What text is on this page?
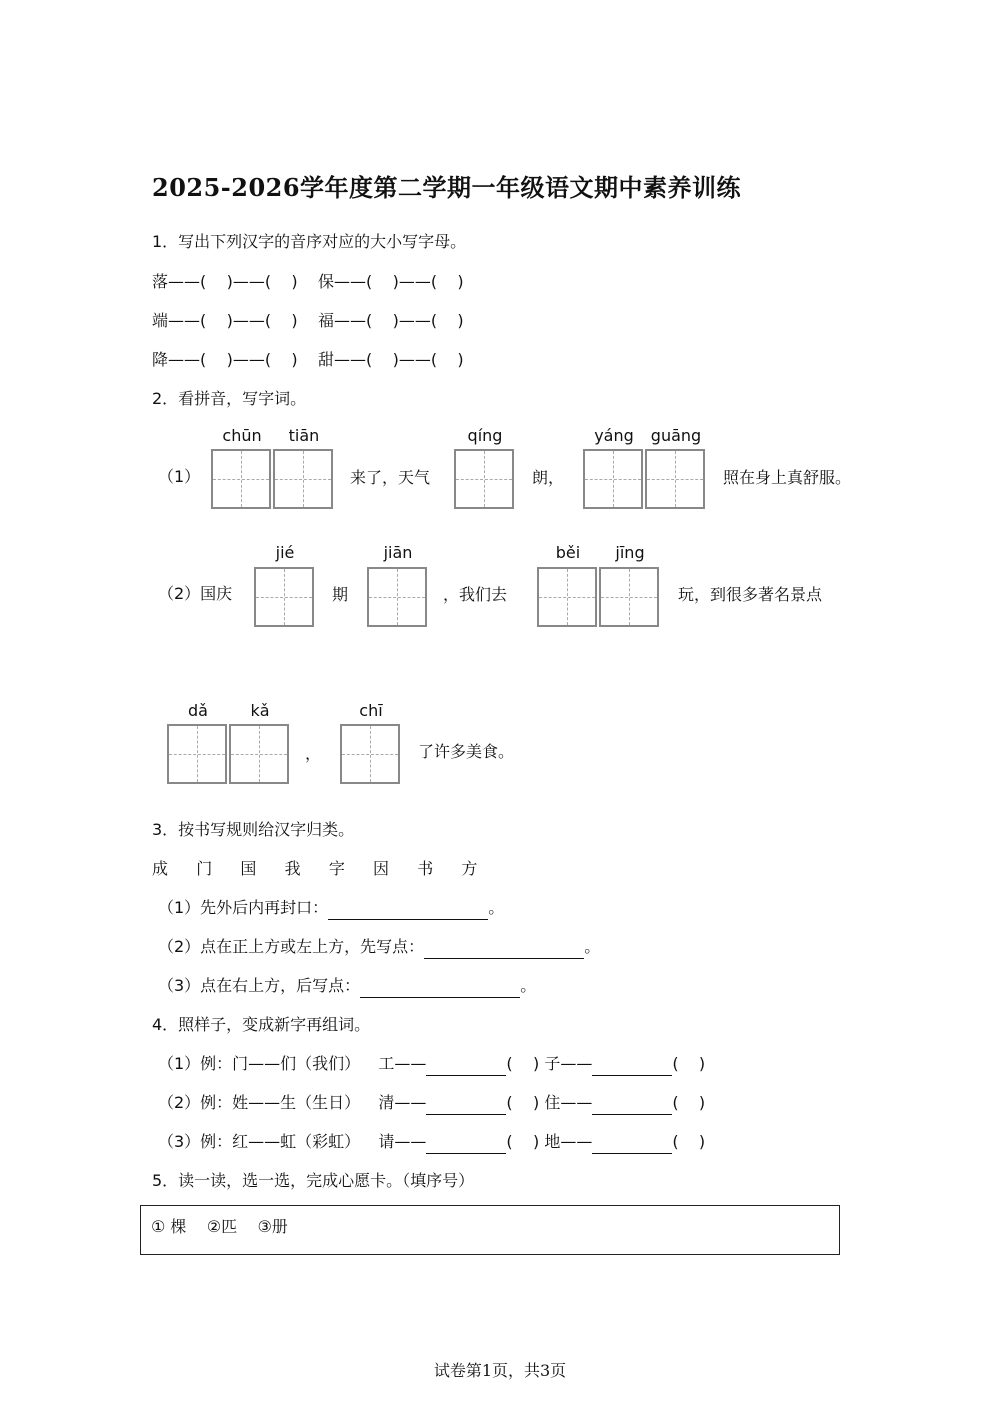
2025-2026学年度第二学期一年级语文期中素养训练
1．写出下列汉字的音序对应的大小写字母。
落——(    )——(    )    保——(    )——(    )
端——(    )——(    )    福——(    )——(    )
降——(    )——(    )    甜——(    )——(    )
2．看拼音，写字词。
（1）
chūn	tiān
来了，天气
qíng
朗，
yáng	guāng
照在身上真舒服。
（2）国庆
jié
期
jiān
，我们去
běi	jīng
玩，到很多著名景点
dǎ	kǎ
，
chī
了许多美食。
3．按书写规则给汉字归类。
成 门 国 我 字 因 书 方
（1）先外后内再封口：	。
（2）点在正上方或左上方，先写点：	。
（3）点在右上方，后写点：	。
4．照样子，变成新字再组词。
（1）例：门——们（我们） 工——	(    ) 子——	(    )
（2）例：姓——生（生日） 清——	(    ) 住——	(    )
（3）例：红——虹（彩虹） 请——	(    ) 地——	(    )
5．读一读，选一选，完成心愿卡。（填序号）
① 棵    ②匹    ③册
试卷第1页，共3页
